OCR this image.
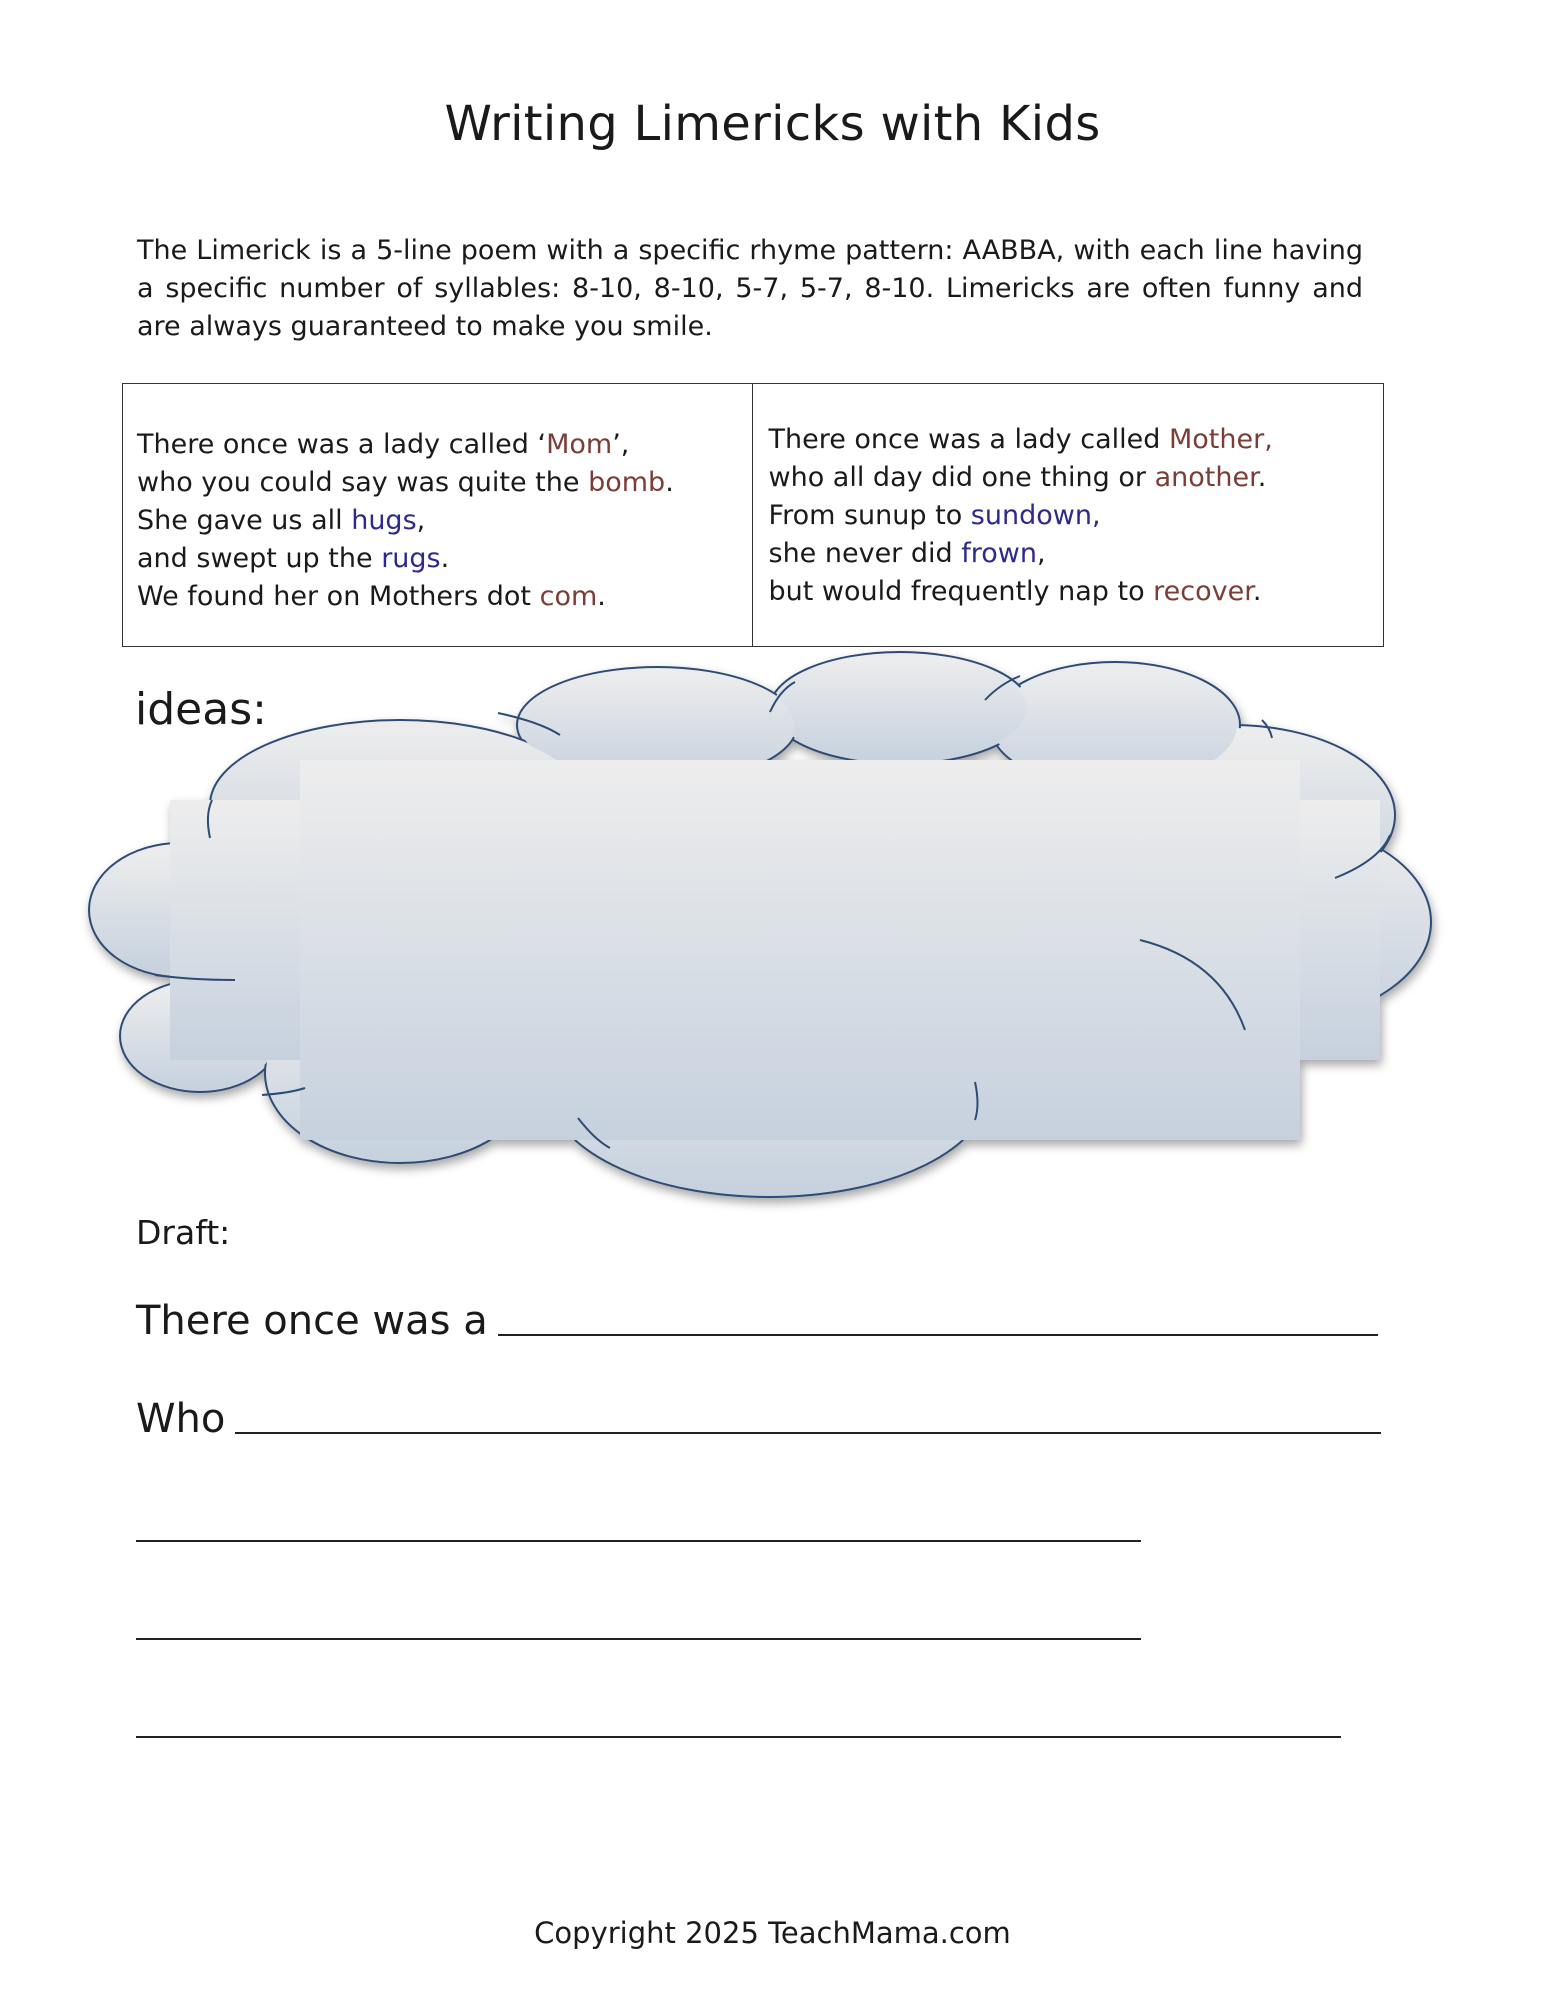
Writing Limericks with Kids

The Limerick is a 5-line poem with a specific rhyme pattern: AABBA, with each line having a specific number of syllables: 8-10, 8-10, 5-7, 5-7, 8-10. Limericks are often funny and are always guaranteed to make you smile.

There once was a lady called ‘Mom’,
who you could say was quite the bomb.
She gave us all hugs,
and swept up the rugs.
We found her on Mothers dot com.
There once was a lady called Mother,
who all day did one thing or another.
From sunup to sundown,
she never did frown,
but would frequently nap to recover.

ideas:

Draft:
There once was a
Who
Copyright 2025 TeachMama.com
